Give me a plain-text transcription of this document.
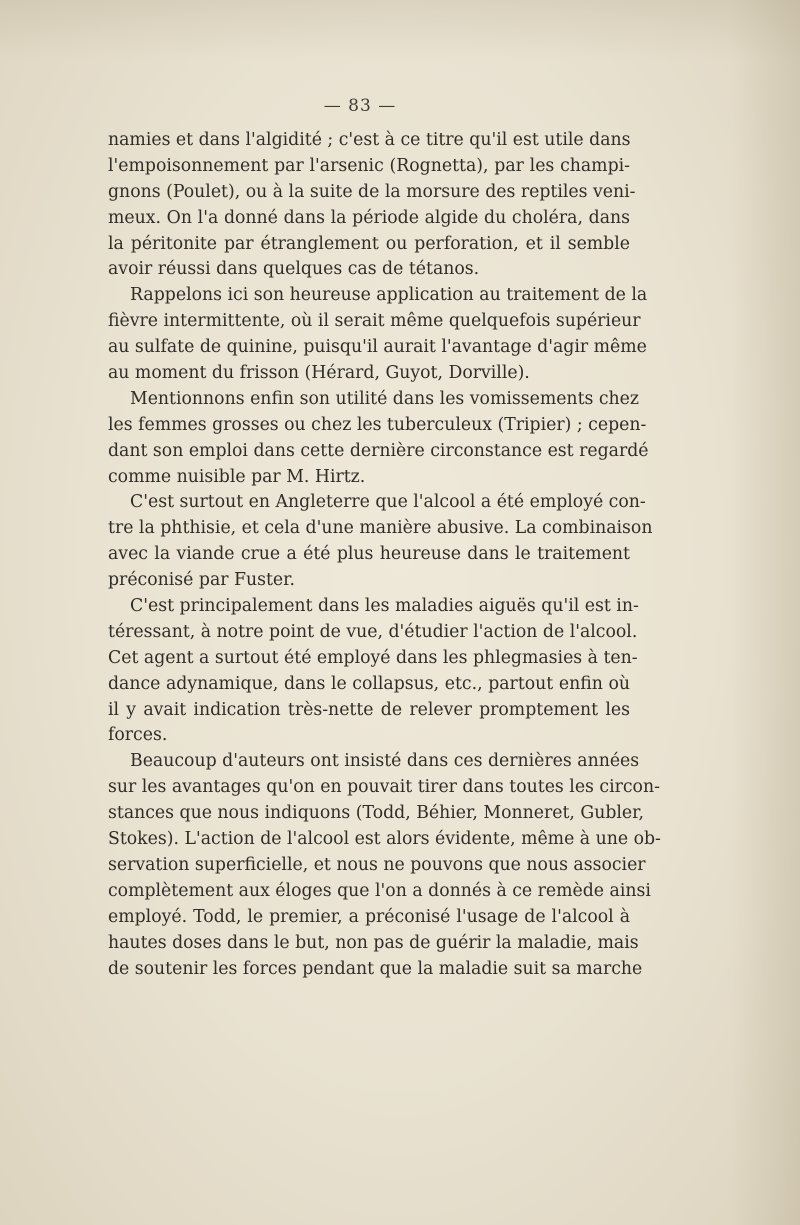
— 83 —
namies et dans l'algidité ; c'est à ce titre qu'il est utile dans
l'empoisonnement par l'arsenic (Rognetta), par les champi-
gnons (Poulet), ou à la suite de la morsure des reptiles veni-
meux. On l'a donné dans la période algide du choléra, dans
la péritonite par étranglement ou perforation, et il semble
avoir réussi dans quelques cas de tétanos.
Rappelons ici son heureuse application au traitement de la
fièvre intermittente, où il serait même quelquefois supérieur
au sulfate de quinine, puisqu'il aurait l'avantage d'agir même
au moment du frisson (Hérard, Guyot, Dorville).
Mentionnons enfin son utilité dans les vomissements chez
les femmes grosses ou chez les tuberculeux (Tripier) ; cepen-
dant son emploi dans cette dernière circonstance est regardé
comme nuisible par M. Hirtz.
C'est surtout en Angleterre que l'alcool a été employé con-
tre la phthisie, et cela d'une manière abusive. La combinaison
avec la viande crue a été plus heureuse dans le traitement
préconisé par Fuster.
C'est principalement dans les maladies aiguës qu'il est in-
téressant, à notre point de vue, d'étudier l'action de l'alcool.
Cet agent a surtout été employé dans les phlegmasies à ten-
dance adynamique, dans le collapsus, etc., partout enfin où
il y avait indication très-nette de relever promptement les
forces.
Beaucoup d'auteurs ont insisté dans ces dernières années
sur les avantages qu'on en pouvait tirer dans toutes les circon-
stances que nous indiquons (Todd, Béhier, Monneret, Gubler,
Stokes). L'action de l'alcool est alors évidente, même à une ob-
servation superficielle, et nous ne pouvons que nous associer
complètement aux éloges que l'on a donnés à ce remède ainsi
employé. Todd, le premier, a préconisé l'usage de l'alcool à
hautes doses dans le but, non pas de guérir la maladie, mais
de soutenir les forces pendant que la maladie suit sa marche
